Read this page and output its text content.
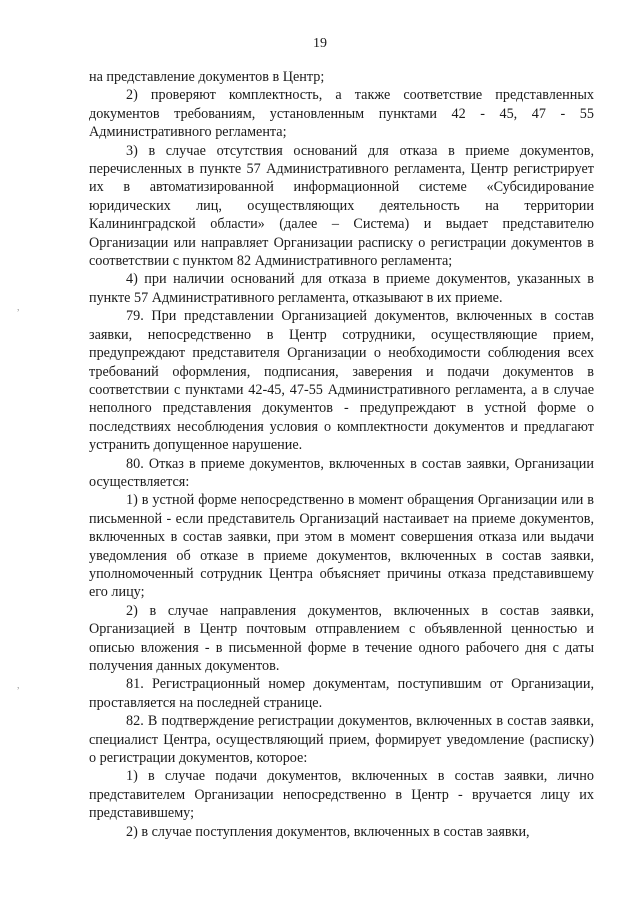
19
,
,

на представление документов в Центр;

2) проверяют комплектность, а также соответствие представленных документов требованиям, установленным пунктами 42 - 45, 47 - 55 Административного регламента;

3) в случае отсутствия оснований для отказа в приеме документов, перечисленных в пункте 57 Административного регламента, Центр регистрирует их в автоматизированной информационной системе «Субсидирование юридических лиц, осуществляющих деятельность на территории Калининградской области» (далее – Система) и выдает представителю Организации или направляет Организации расписку о регистрации документов в соответствии с пунктом 82 Административного регламента;

4) при наличии оснований для отказа в приеме документов, указанных в пункте 57 Административного регламента, отказывают в их приеме.

79. При представлении Организацией документов, включенных в состав заявки, непосредственно в Центр сотрудники, осуществляющие прием, предупреждают представителя Организации о необходимости соблюдения всех требований оформления, подписания, заверения и подачи документов в соответствии с пунктами 42-45, 47-55 Административного регламента, а в случае неполного представления документов - предупреждают в устной форме о последствиях несоблюдения условия о комплектности документов и предлагают устранить допущенное нарушение.

80. Отказ в приеме документов, включенных в состав заявки, Организации осуществляется:

1) в устной форме непосредственно в момент обращения Организации или в письменной - если представитель Организаций настаивает на приеме документов, включенных в состав заявки, при этом в момент совершения отказа или выдачи уведомления об отказе в приеме документов, включенных в состав заявки, уполномоченный сотрудник Центра объясняет причины отказа представившему его лицу;

2) в случае направления документов, включенных в состав заявки, Организацией в Центр почтовым отправлением с объявленной ценностью и описью вложения - в письменной форме в течение одного рабочего дня с даты получения данных документов.

81. Регистрационный номер документам, поступившим от Организации, проставляется на последней странице.

82. В подтверждение регистрации документов, включенных в состав заявки, специалист Центра, осуществляющий прием, формирует уведомление (расписку) о регистрации документов, которое:

1) в случае подачи документов, включенных в состав заявки, лично представителем Организации непосредственно в Центр - вручается лицу их представившему;

2) в случае поступления документов, включенных в состав заявки,
